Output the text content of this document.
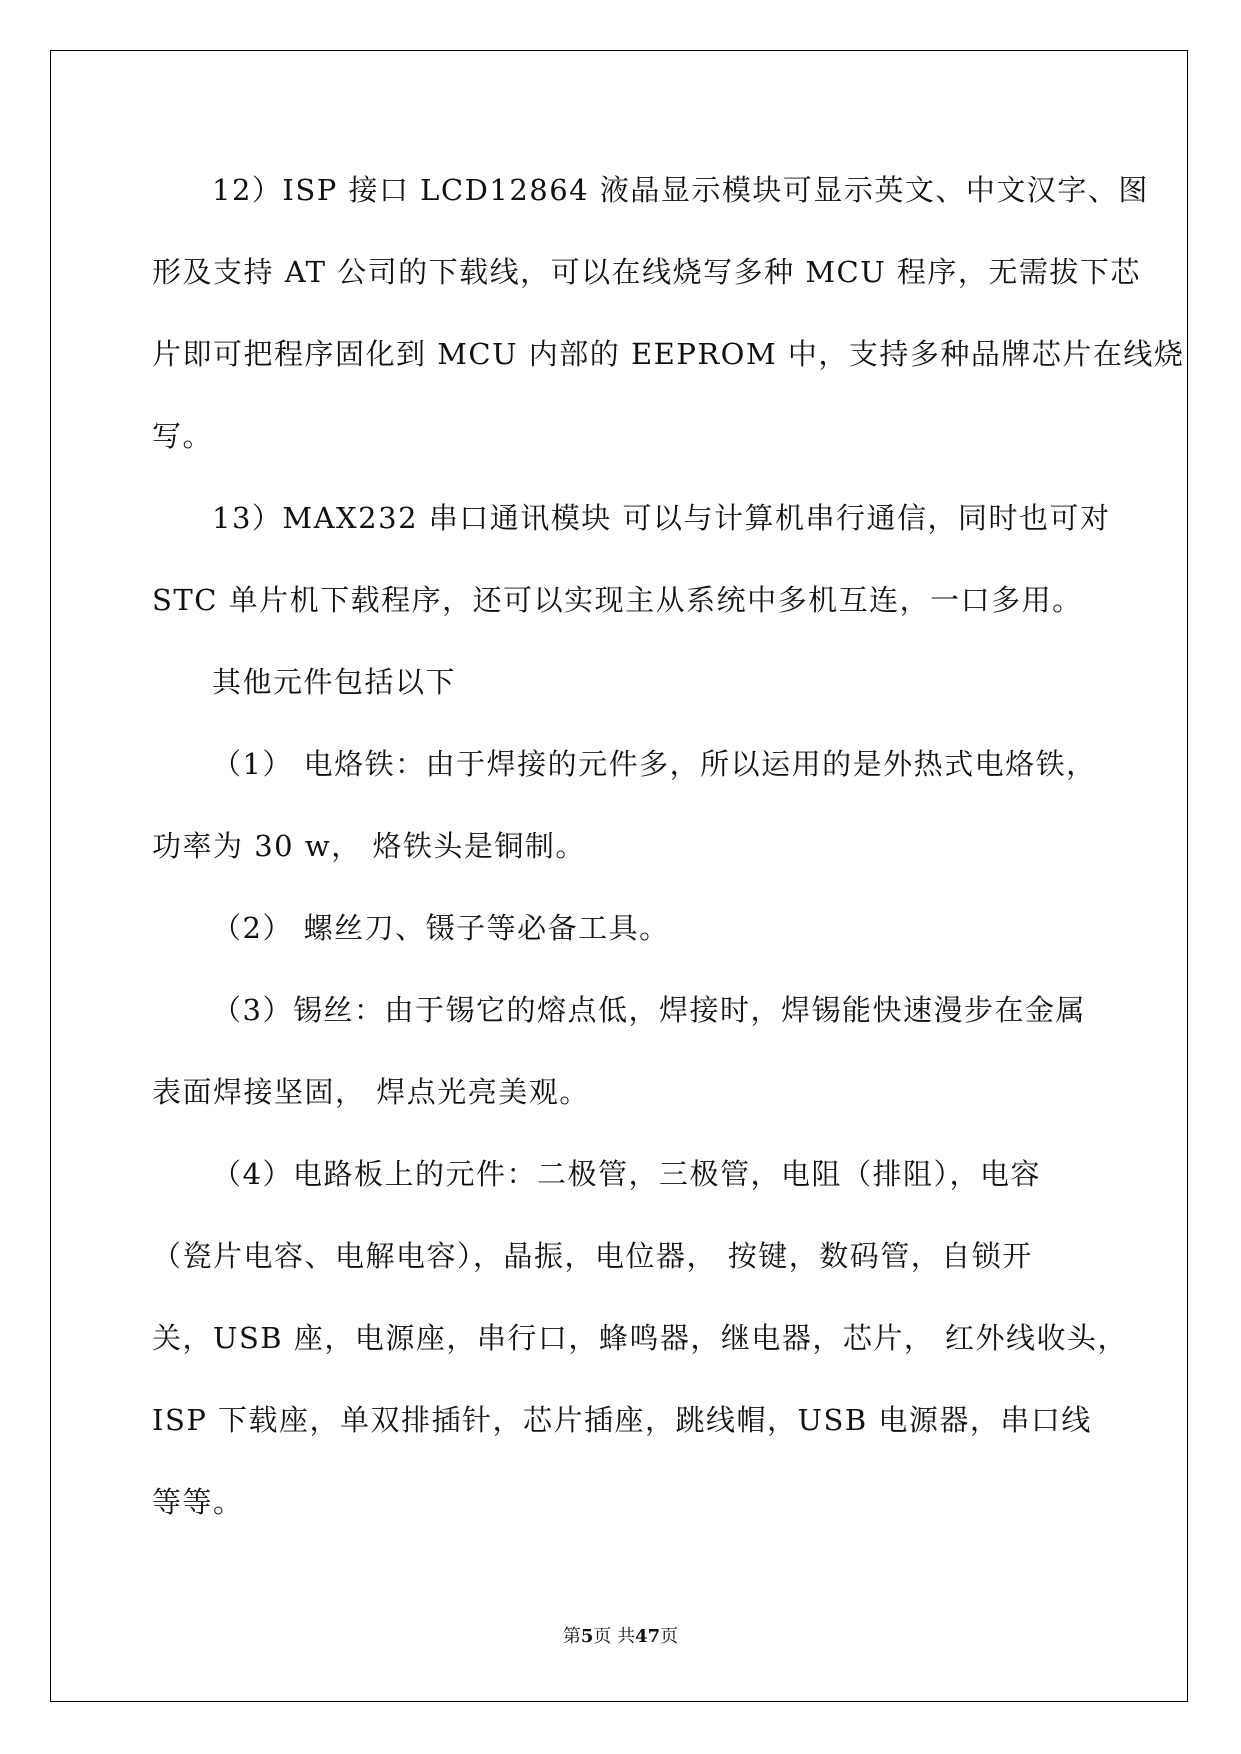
12）ISP 接口 LCD12864 液晶显示模块可显示英文、中文汉字、图
形及支持 AT 公司的下载线，可以在线烧写多种 MCU 程序，无需拔下芯
片即可把程序固化到 MCU 内部的 EEPROM 中，支持多种品牌芯片在线烧
写。
13）MAX232 串口通讯模块 可以与计算机串行通信，同时也可对
STC 单片机下载程序，还可以实现主从系统中多机互连，一口多用。
其他元件包括以下
（1） 电烙铁：由于焊接的元件多，所以运用的是外热式电烙铁，
功率为 30 w， 烙铁头是铜制。
（2） 螺丝刀、镊子等必备工具。
（3）锡丝：由于锡它的熔点低，焊接时，焊锡能快速漫步在金属
表面焊接坚固， 焊点光亮美观。
（4）电路板上的元件：二极管，三极管，电阻（排阻），电容
（瓷片电容、电解电容），晶振，电位器， 按键，数码管，自锁开
关，USB 座，电源座，串行口，蜂鸣器，继电器，芯片， 红外线收头，
ISP 下载座，单双排插针，芯片插座，跳线帽，USB 电源器，串口线
等等。
第5页 共47页
